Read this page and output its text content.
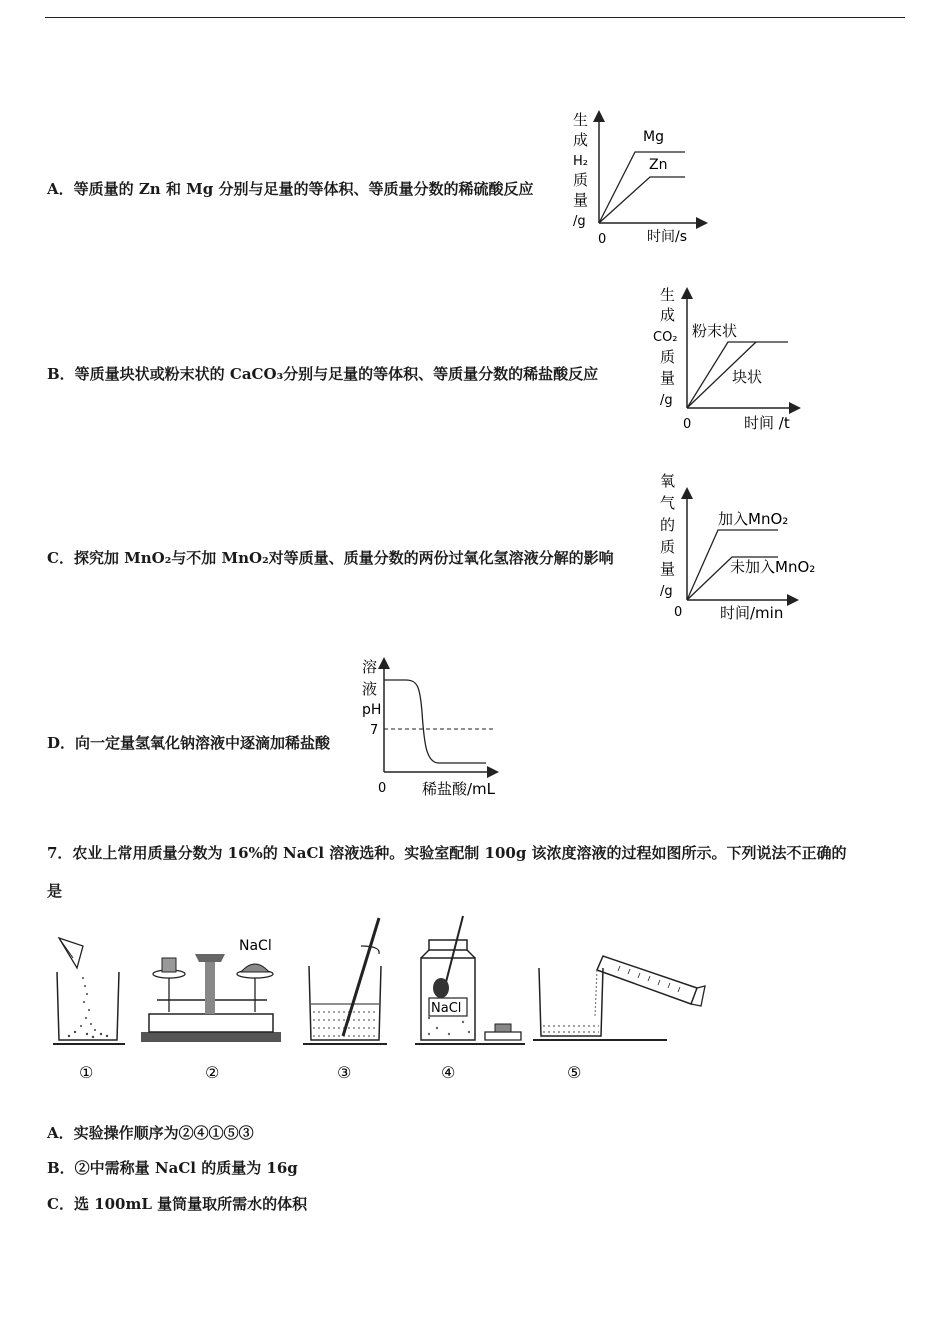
A．等质量的 Zn 和 Mg 分别与足量的等体积、等质量分数的稀硫酸反应
生
成
H₂
质
量
/g
0	时间/s
Mg
Zn
B．等质量块状或粉末状的 CaCO₃分别与足量的等体积、等质量分数的稀盐酸反应
生
成
CO₂
质
量
/g
0	时间 /t
粉末状
块状
C．探究加 MnO₂与不加 MnO₂对等质量、质量分数的两份过氧化氢溶液分解的影响
氧
气
的
质
量
/g
0	时间/min
加入MnO₂
未加入MnO₂
D．向一定量氢氧化钠溶液中逐滴加稀盐酸
溶
液
pH
7
0 稀盐酸/mL
7．农业上常用质量分数为 16%的 NaCl 溶液选种。实验室配制 100g 该浓度溶液的过程如图所示。下列说法不正确的
是
NaCl
NaCl
①	②	③	④	⑤
A．实验操作顺序为②④①⑤③
B．②中需称量 NaCl 的质量为 16g
C．选 100mL 量筒量取所需水的体积
